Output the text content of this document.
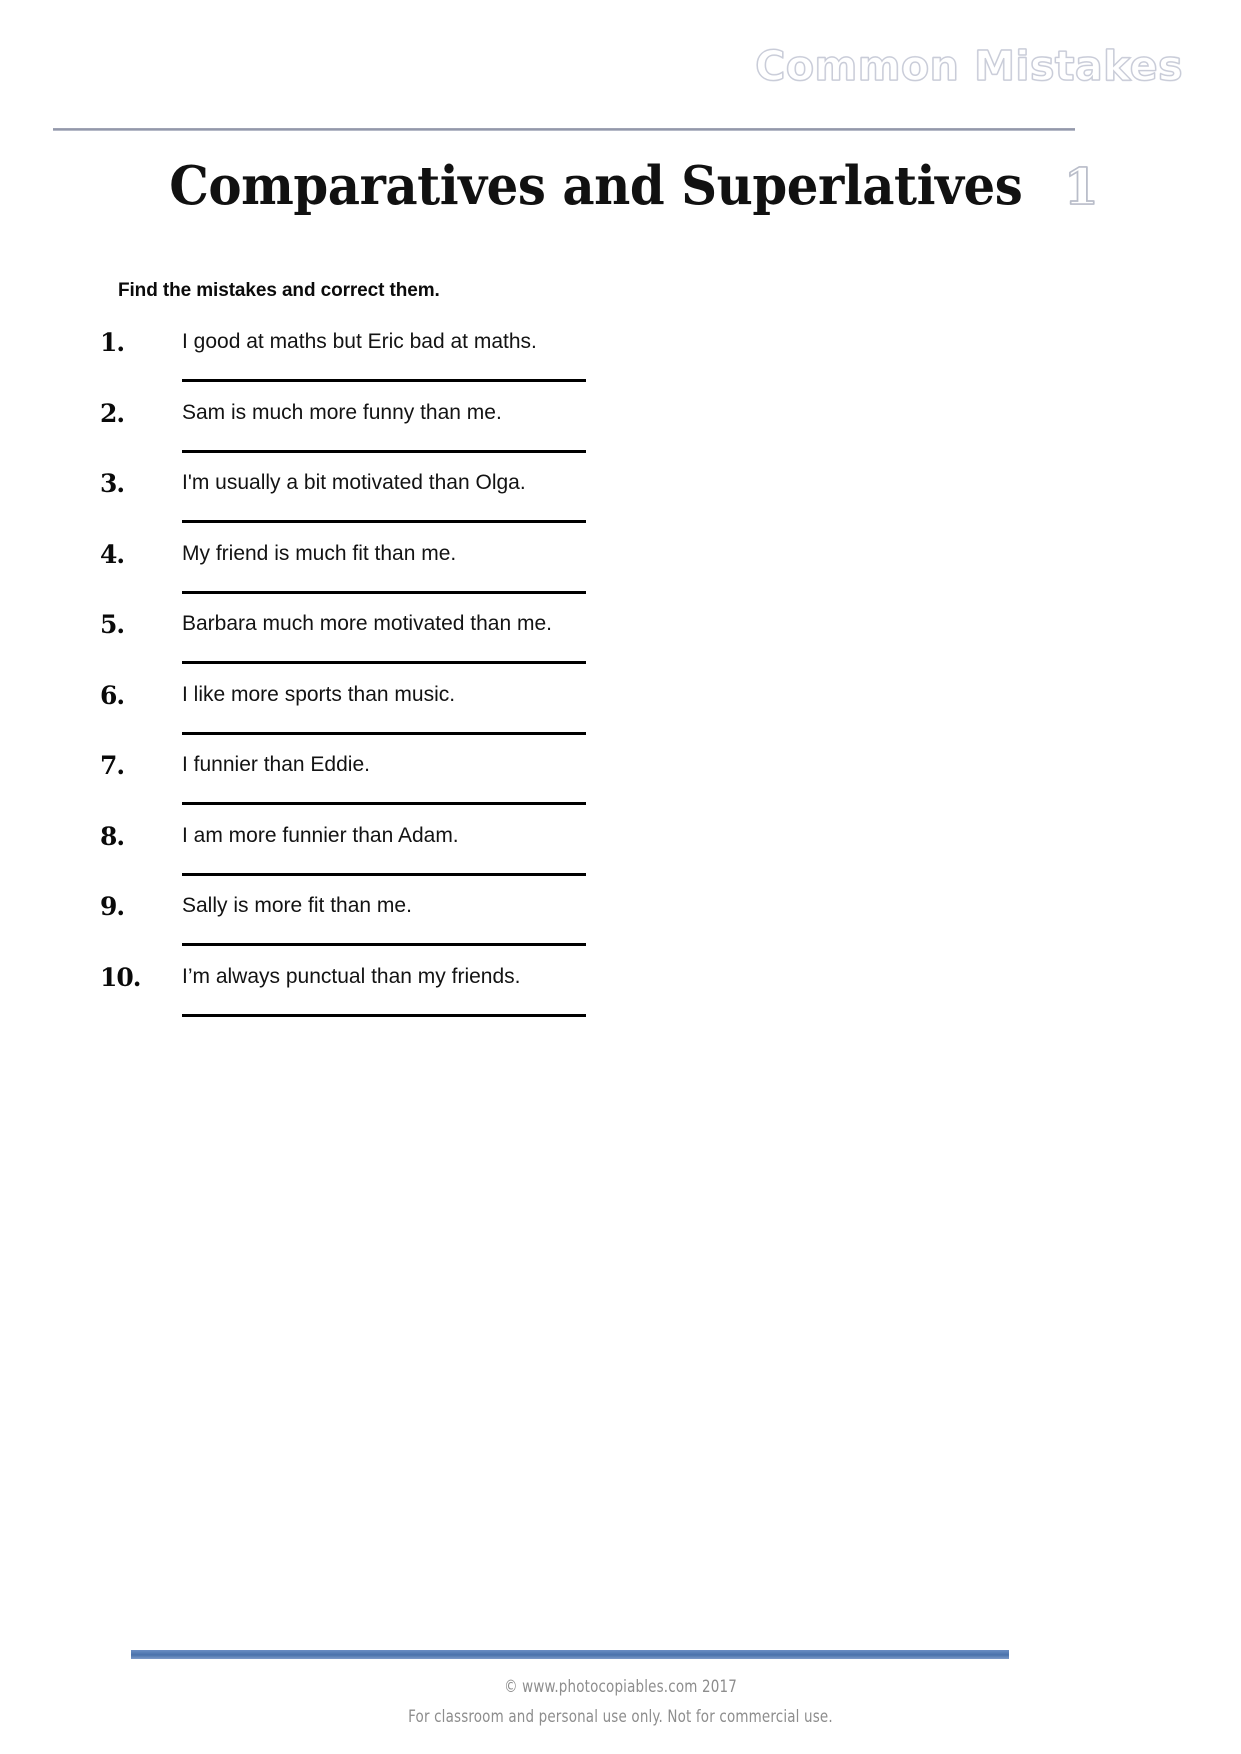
Common Mistakes
Comparatives and Superlatives 1
Find the mistakes and correct them.
1.	I good at maths but Eric bad at maths.
2.	Sam is much more funny than me.
3.	I'm usually a bit motivated than Olga.
4.	My friend is much fit than me.
5.	Barbara much more motivated than me.
6.	I like more sports than music.
7.	I funnier than Eddie.
8.	I am more funnier than Adam.
9.	Sally is more fit than me.
10.	I’m always punctual than my friends.
© www.photocopiables.com 2017
For classroom and personal use only. Not for commercial use.
